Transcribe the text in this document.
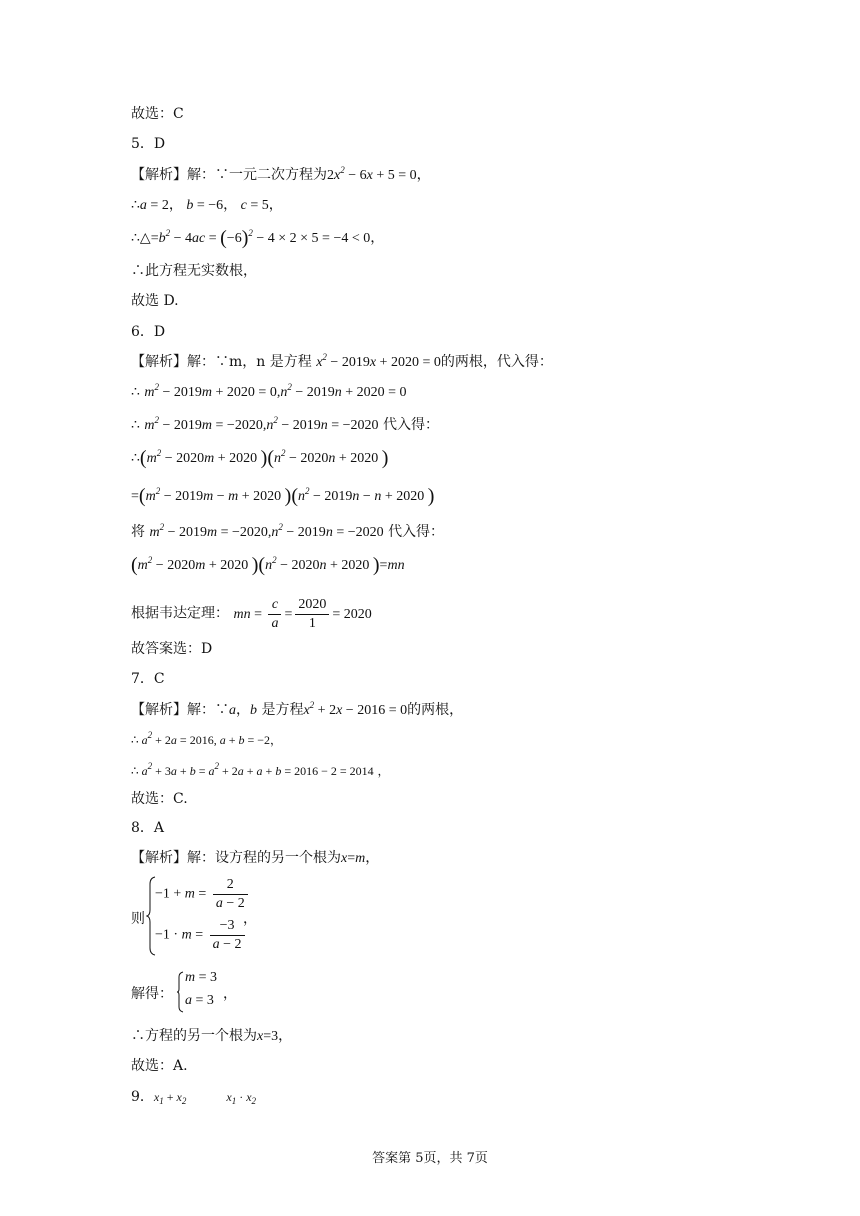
故选：C
5．D
【解析】解：∵一元二次方程为$2x^2 - 6x + 5 = 0$，
∴a = 2， b = −6， c = 5，
$\therefore\triangle=b^2 - 4ac = (-6)^2 - 4 \times 2 \times 5 = -4 < 0$，
∴此方程无实数根，
故选 D.
6．D
【解析】解：∵m，n 是方程 $x^2 - 2019x + 2020 = 0$的两根，代入得：
∴ $m^2 - 2019m + 2020 = 0,n^2 - 2019n + 2020 = 0$
∴ $m^2 - 2019m = -2020,n^2 - 2019n = -2020$ 代入得：
$\therefore(m^2 - 2020m + 2020$ )($n^2 - 2020n + 2020$ )
$=(m^2 - 2019m - m + 2020$ )($n^2 - 2019n - n + 2020$ )
将 $m^2 - 2019m = -2020,n^2 - 2019n = -2020$ 代入得：
($m^2 - 2020m + 2020$ )($n^2 - 2020n + 2020$ )=mn
根据韦达定理： mn = $\frac{c}{a} = \frac{2020}{1} = 2020$
故答案选：D
7．C
【解析】解：∵a，b 是方程$x^2 + 2x - 2016 = 0$的两根，
∴ $a^2 + 2a = 2016$, a + b = −2，
∴ $a^2 + 3a + b = a^2 + 2a + a + b = 2016 - 2 = 2014$ ，
故选：C.
8．A
【解析】解：设方程的另一个根为x=m，
则
$-1 + m = \frac{2}{a - 2}$
，
$-1 \cdot m = \frac{-3}{a - 2}$
解得：
m = 3
a = 3 ，
∴方程的另一个根为x=3，
故选：A.
9．$x_1 + x_2$	$x_1 \cdot x_2$
答案第 5页，共 7页
